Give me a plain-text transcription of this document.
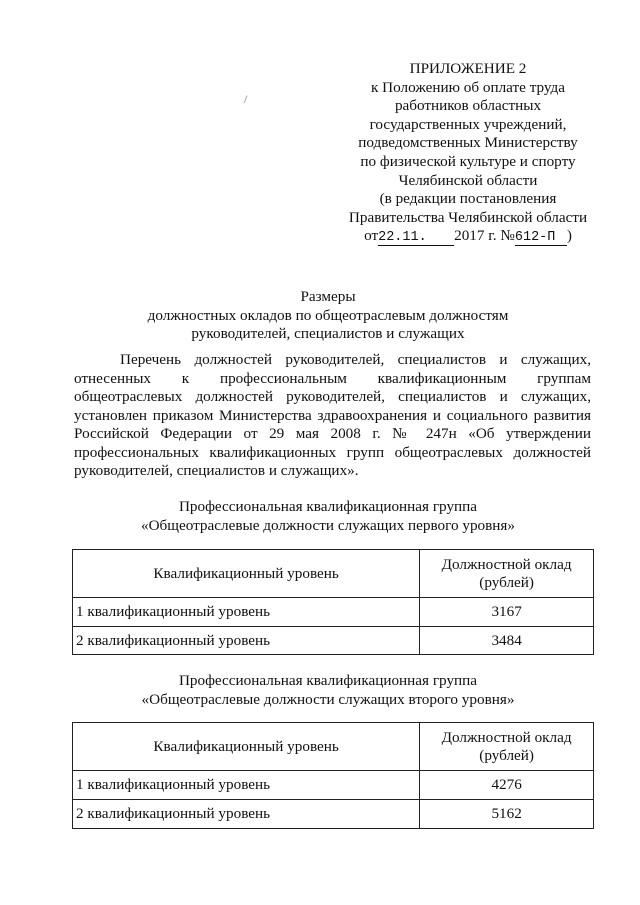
ПРИЛОЖЕНИЕ 2
к Положению об оплате труда
работников областных
государственных учреждений,
подведомственных Министерству
по физической культуре и спорту
Челябинской области
(в редакции постановления
Правительства Челябинской области
от22.11. 2017 г. №612-П )
Размеры
должностных окладов по общеотраслевым должностям
руководителей, специалистов и служащих

Перечень должностей руководителей, специалистов и служащих, отнесенных к профессиональным квалификационным группам общеотраслевых должностей руководителей, специалистов и служащих, установлен приказом Министерства здравоохранения и социального развития Российской Федерации от 29 мая 2008 г. № 247н «Об утверждении профессиональных квалификационных групп общеотраслевых должностей руководителей, специалистов и служащих».

Профессиональная квалификационная группа
«Общеотраслевые должности служащих первого уровня»
Квалификационный уровень	Должностной оклад
(рублей)

1 квалификационный уровень	3167
2 квалификационный уровень	3484
Профессиональная квалификационная группа
«Общеотраслевые должности служащих второго уровня»
Квалификационный уровень	Должностной оклад
(рублей)

1 квалификационный уровень	4276
2 квалификационный уровень	5162
